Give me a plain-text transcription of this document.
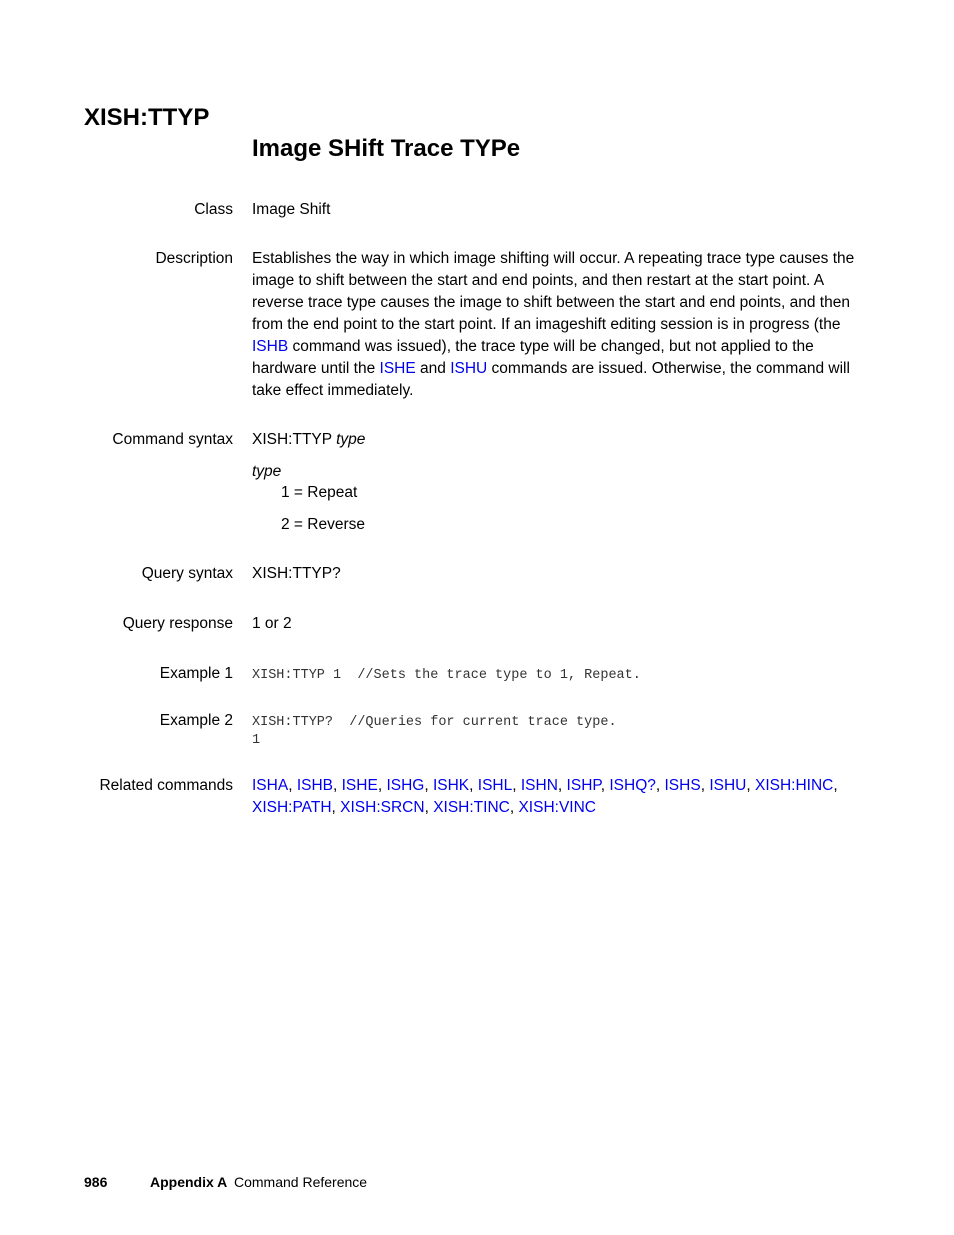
XISH:TTYP
Image SHift Trace TYPe
Class Image Shift
Description Establishes the way in which image shifting will occur. A repeating trace type causes the image to shift between the start and end points, and then restart at the start point. A reverse trace type causes the image to shift between the start and end points, and then from the end point to the start point. If an imageshift editing session is in progress (the ISHB command was issued), the trace type will be changed, but not applied to the hardware until the ISHE and ISHU commands are issued. Otherwise, the command will take effect immediately.
Command syntax XISH:TTYP type
type
1 = Repeat
2 = Reverse
Query syntax XISH:TTYP?
Query response 1 or 2
Example 1 XISH:TTYP 1  //Sets the trace type to 1, Repeat.
Example 2 XISH:TTYP?  //Queries for current trace type.
1
Related commands ISHA, ISHB, ISHE, ISHG, ISHK, ISHL, ISHN, ISHP, ISHQ?, ISHS, ISHU, XISH:HINC, XISH:PATH, XISH:SRCN, XISH:TINC, XISH:VINC
986	Appendix A Command Reference
